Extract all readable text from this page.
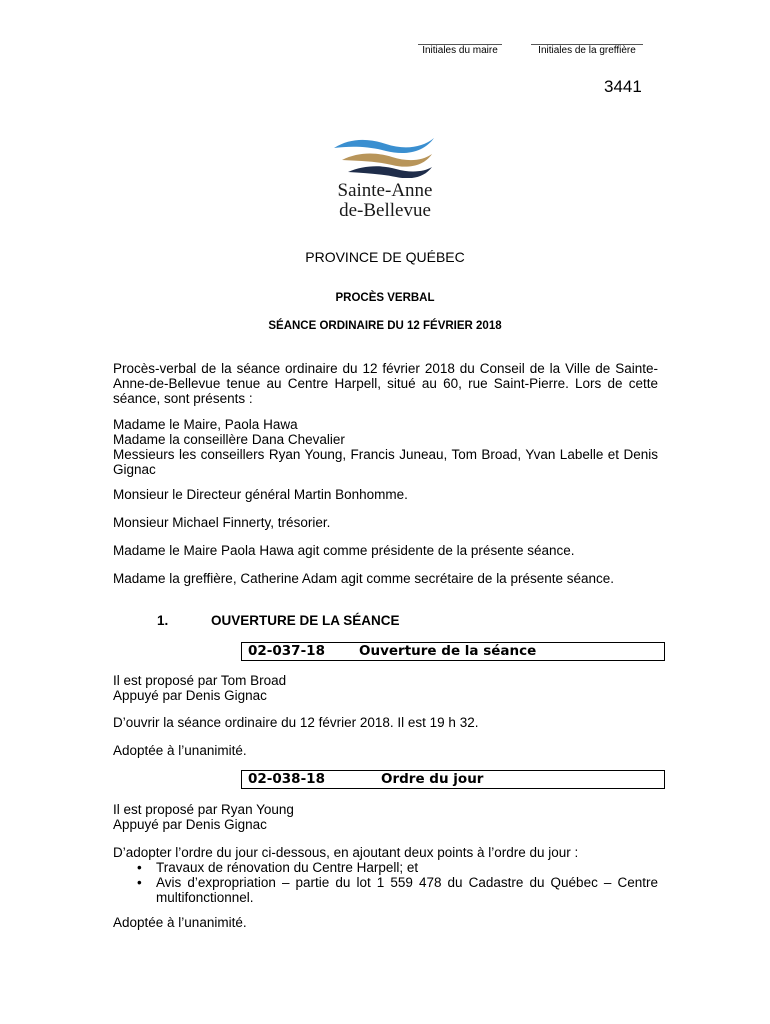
Initiales du maire	Initiales de la greffière
3441
Sainte-Anne
de-Bellevue
PROVINCE DE QUÉBEC
PROCÈS VERBAL
SÉANCE ORDINAIRE DU 12 FÉVRIER 2018

Procès-verbal de la séance ordinaire du 12 février 2018 du Conseil de la Ville de Sainte-Anne-de-Bellevue tenue au Centre Harpell, situé au 60, rue Saint-Pierre. Lors de cette séance, sont présents :

Madame le Maire, Paola Hawa

Madame la conseillère Dana Chevalier

Messieurs les conseillers Ryan Young, Francis Juneau, Tom Broad, Yvan Labelle et Denis Gignac

Monsieur le Directeur général Martin Bonhomme.

Monsieur Michael Finnerty, trésorier.

Madame le Maire Paola Hawa agit comme présidente de la présente séance.

Madame la greffière, Catherine Adam agit comme secrétaire de la présente séance.

1.	OUVERTURE DE LA SÉANCE
02-037-18	Ouverture de la séance

Il est proposé par Tom Broad

Appuyé par Denis Gignac

D’ouvrir la séance ordinaire du 12 février 2018. Il est 19 h 32.

Adoptée à l’unanimité.

02-038-18	Ordre du jour

Il est proposé par Ryan Young

Appuyé par Denis Gignac

D’adopter l’ordre du jour ci-dessous, en ajoutant deux points à l’ordre du jour :

• Travaux de rénovation du Centre Harpell; et
• Avis d’expropriation – partie du lot 1 559 478 du Cadastre du Québec – Centre multifonctionnel.

Adoptée à l’unanimité.
